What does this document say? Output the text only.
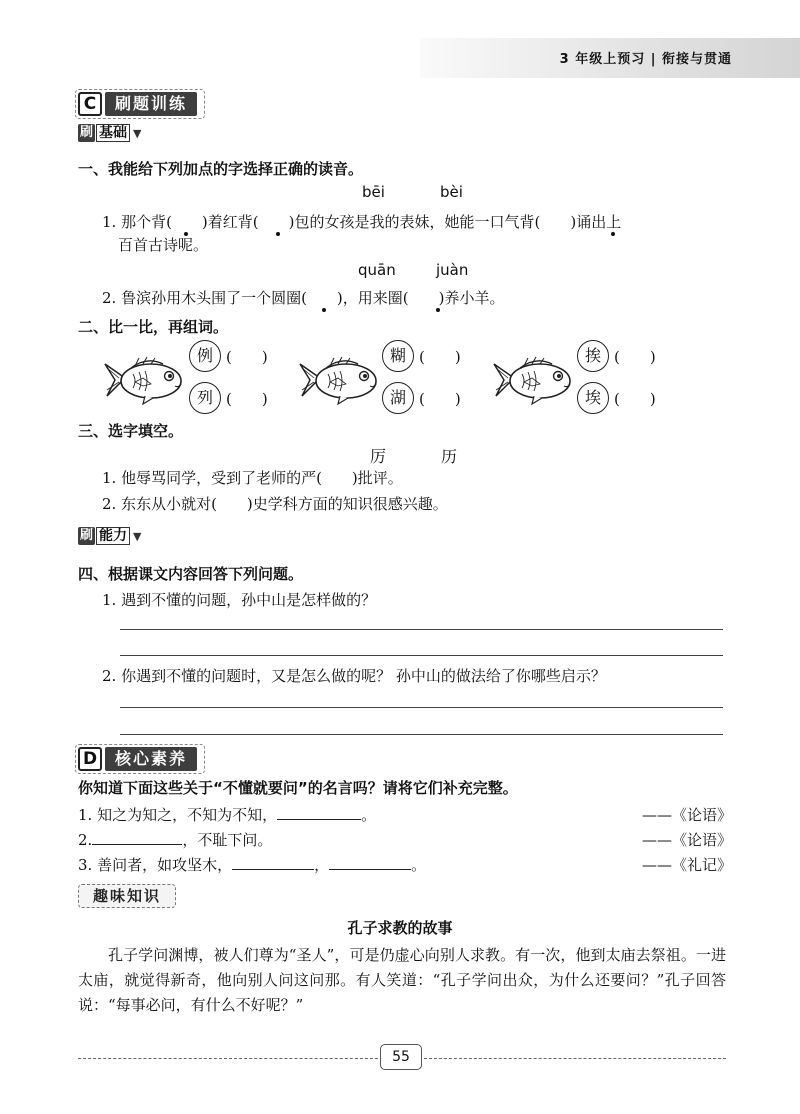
3 年级上预习 | 衔接与贯通
C	刷题训练
刷 基础 ▼
一、我能给下列加点的字选择正确的读音。
bēi	bèi
1. 那个背(　　)着红背(　　)包的女孩是我的表妹，她能一口气背(　　)诵出上
百首古诗呢。
quān	juàn
2. 鲁滨孙用木头围了一个圆圈(　　)，用来圈(　　)养小羊。
二、比一比，再组词。
例 (　　)
列 (　　)
糊 (　　)
湖 (　　)
挨 (　　)
埃 (　　)
三、选字填空。
厉	历
1. 他辱骂同学，受到了老师的严(　　)批评。
2. 东东从小就对(　　)史学科方面的知识很感兴趣。
刷 能力 ▼
四、根据课文内容回答下列问题。
1. 遇到不懂的问题，孙中山是怎样做的？
2. 你遇到不懂的问题时，又是怎么做的呢？ 孙中山的做法给了你哪些启示？
D	核心素养
你知道下面这些关于“不懂就要问”的名言吗？请将它们补充完整。
1. 知之为知之，不知为不知，	。	——《论语》
2.	，不耻下问。	——《论语》
3. 善问者，如攻坚木，	，	。	——《礼记》
趣味知识
孔子求教的故事
孔子学问渊博，被人们尊为“圣人”，可是仍虚心向别人求教。有一次，他到太庙去祭祖。一进太庙，就觉得新奇，他向别人问这问那。有人笑道：“孔子学问出众，为什么还要问？”孔子回答说：“每事必问，有什么不好呢？”
55
